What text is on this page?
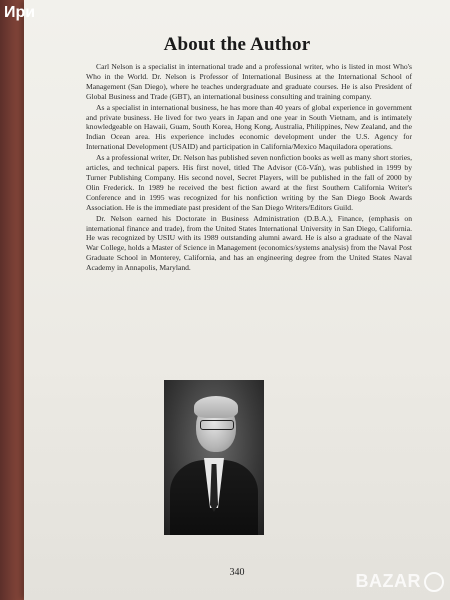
About the Author

Carl Nelson is a specialist in international trade and a professional writer, who is listed in most Who's Who in the World. Dr. Nelson is Professor of International Business at the International School of Management (San Diego), where he teaches undergraduate and graduate courses. He is also President of Global Business and Trade (GBT), an international business consulting and training company.

As a specialist in international business, he has more than 40 years of global experience in government and private business. He lived for two years in Japan and one year in South Vietnam, and is intimately knowledgeable on Hawaii, Guam, South Korea, Hong Kong, Australia, Philippines, New Zealand, and the Indian Ocean area. His experience includes economic development under the U.S. Agency for International Development (USAID) and participation in California/Mexico Maquiladora operations.

As a professional writer, Dr. Nelson has published seven nonfiction books as well as many short stories, articles, and technical papers. His first novel, titled The Advisor (Cô-Vấn), was published in 1999 by Turner Publishing Company. His second novel, Secret Players, will be published in the fall of 2000 by Olin Frederick. In 1989 he received the best fiction award at the first Southern California Writer's Conference and in 1995 was recognized for his nonfiction writing by the San Diego Book Awards Association. He is the immediate past president of the San Diego Writers/Editors Guild.

Dr. Nelson earned his Doctorate in Business Administration (D.B.A.), Finance, (emphasis on international finance and trade), from the United States International University in San Diego, California. He was recognized by USIU with its 1989 outstanding alumni award. He is also a graduate of the Naval War College, holds a Master of Science in Management (economics/systems analysis) from the Naval Post Graduate School in Monterey, California, and has an engineering degree from the United States Naval Academy in Annapolis, Maryland.

340
Ири
BAZAR
